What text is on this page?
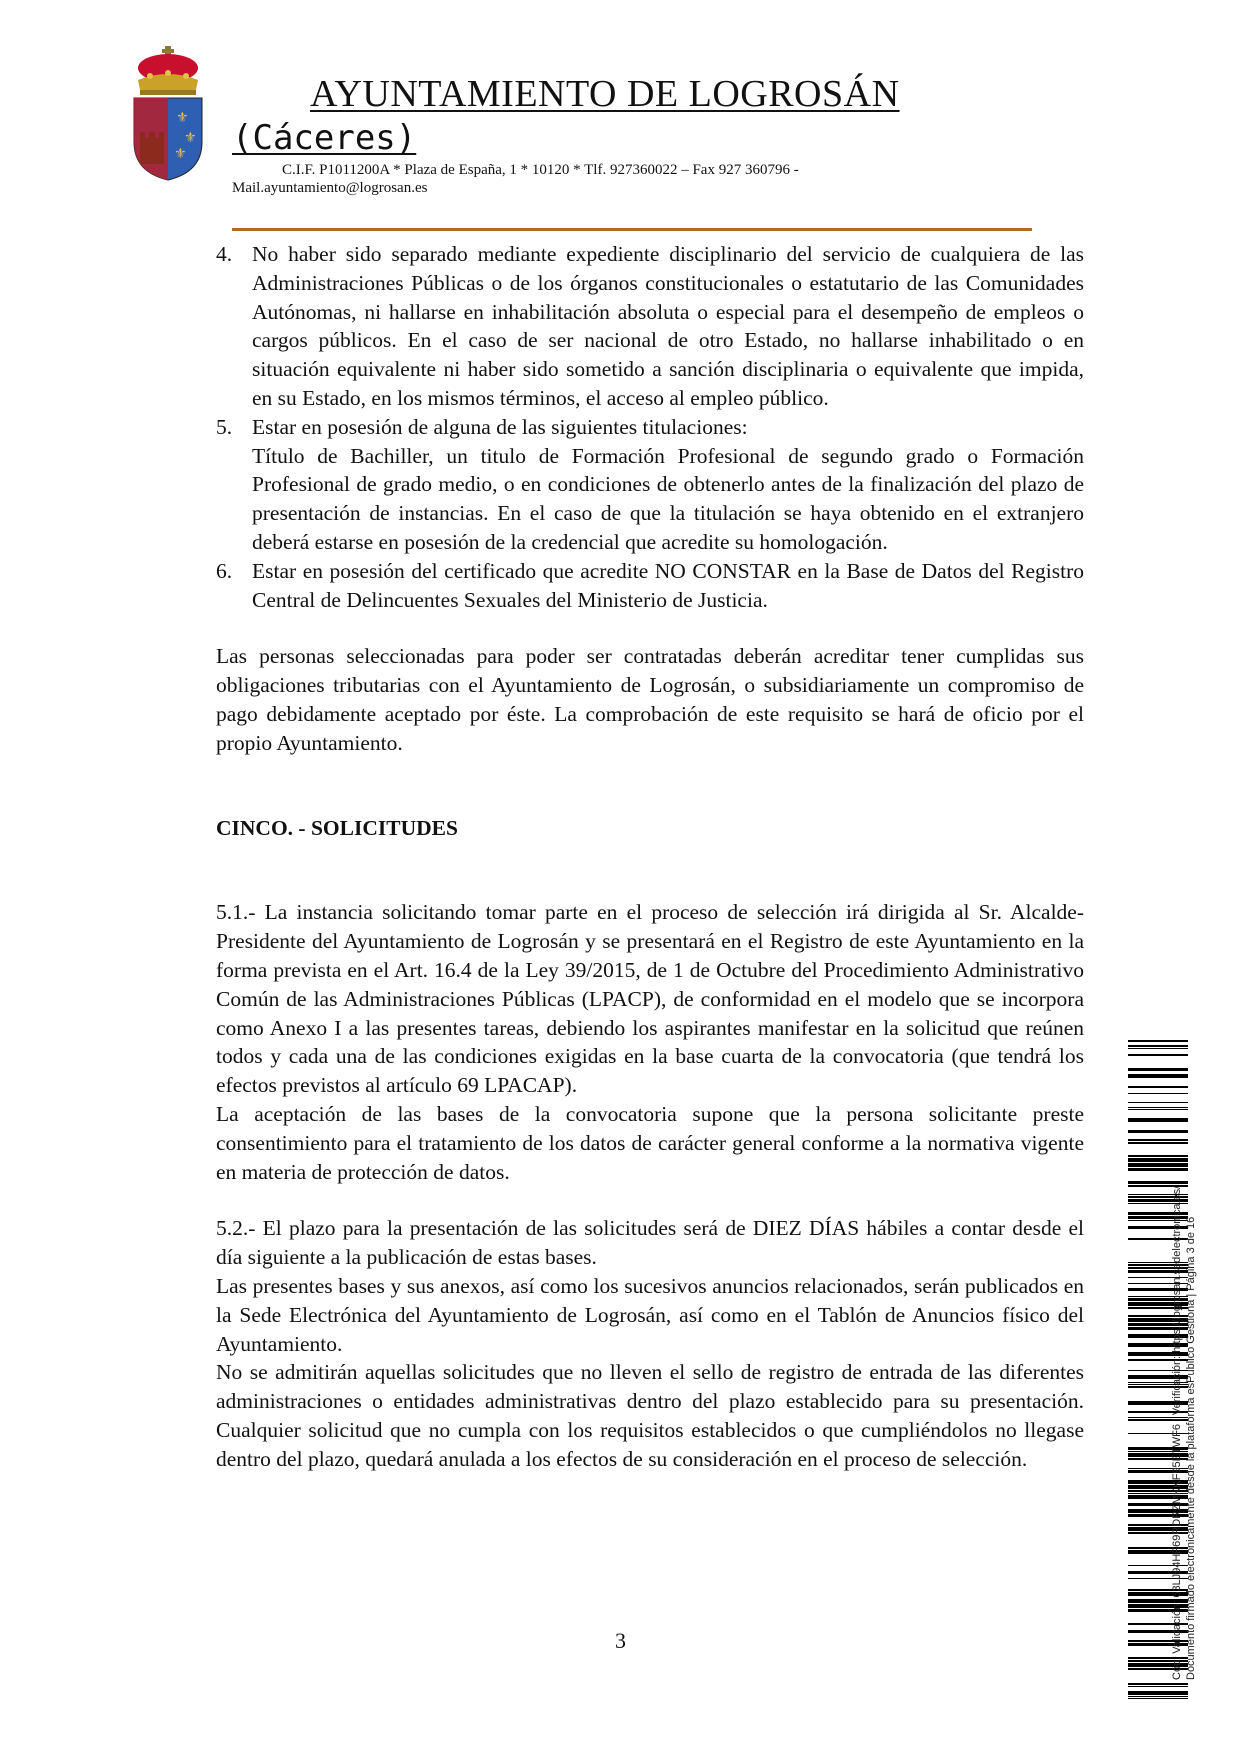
⚜
⚜
⚜
AYUNTAMIENTO DE LOGROSÁN
(Cáceres)
C.I.F. P1011200A * Plaza de España, 1 * 10120 * Tlf. 927360022 – Fax 927 360796 -
Mail.ayuntamiento@logrosan.es
4. No haber sido separado mediante expediente disciplinario del servicio de cualquiera de las Administraciones Públicas o de los órganos constitucionales o estatutario de las Comunidades Autónomas, ni hallarse en inhabilitación absoluta o especial para el desempeño de empleos o cargos públicos. En el caso de ser nacional de otro Estado, no hallarse inhabilitado o en situación equivalente ni haber sido sometido a sanción disciplinaria o equivalente que impida, en su Estado, en los mismos términos, el acceso al empleo público.
5. Estar en posesión de alguna de las siguientes titulaciones:
Título de Bachiller, un titulo de Formación Profesional de segundo grado o Formación Profesional de grado medio, o en condiciones de obtenerlo antes de la finalización del plazo de presentación de instancias. En el caso de que la titulación se haya obtenido en el extranjero deberá estarse en posesión de la credencial que acredite su homologación.
6. Estar en posesión del certificado que acredite NO CONSTAR en la Base de Datos del Registro Central de Delincuentes Sexuales del Ministerio de Justicia.

Las personas seleccionadas para poder ser contratadas deberán acreditar tener cumplidas sus obligaciones tributarias con el Ayuntamiento de Logrosán, o subsidiariamente un compromiso de pago debidamente aceptado por éste. La comprobación de este requisito se hará de oficio por el propio Ayuntamiento.

CINCO. - SOLICITUDES

5.1.- La instancia solicitando tomar parte en el proceso de selección irá dirigida al Sr. Alcalde-Presidente del Ayuntamiento de Logrosán y se presentará en el Registro de este Ayuntamiento en la forma prevista en el Art. 16.4 de la Ley 39/2015, de 1 de Octubre del Procedimiento Administrativo Común de las Administraciones Públicas (LPACP), de conformidad en el modelo que se incorpora como Anexo I a las presentes tareas, debiendo los aspirantes manifestar en la solicitud que reúnen todos y cada una de las condiciones exigidas en la base cuarta de la convocatoria (que tendrá los efectos previstos al artículo 69 LPACAP).

La aceptación de las bases de la convocatoria supone que la persona solicitante preste consentimiento para el tratamiento de los datos de carácter general conforme a la normativa vigente en materia de protección de datos.

5.2.- El plazo para la presentación de las solicitudes será de DIEZ DÍAS hábiles a contar desde el día siguiente a la publicación de estas bases.

Las presentes bases y sus anexos, así como los sucesivos anuncios relacionados, serán publicados en la Sede Electrónica del Ayuntamiento de Logrosán, así como en el Tablón de Anuncios físico del Ayuntamiento.

No se admitirán aquellas solicitudes que no lleven el sello de registro de entrada de las diferentes administraciones o entidades administrativas dentro del plazo establecido para su presentación. Cualquier solicitud que no cumpla con los requisitos establecidos o que cumpliéndolos no llegase dentro del plazo, quedará anulada a los efectos de su consideración en el proceso de selección.

3	Cód. Validación: 63LJ94HF69RDRZMKKF95ETWF6 | Verificación: https://logrosan.sedelectronica.es/ Documento firmado electrónicamente desde la plataforma esPublico Gestiona | Página 3 de 16
